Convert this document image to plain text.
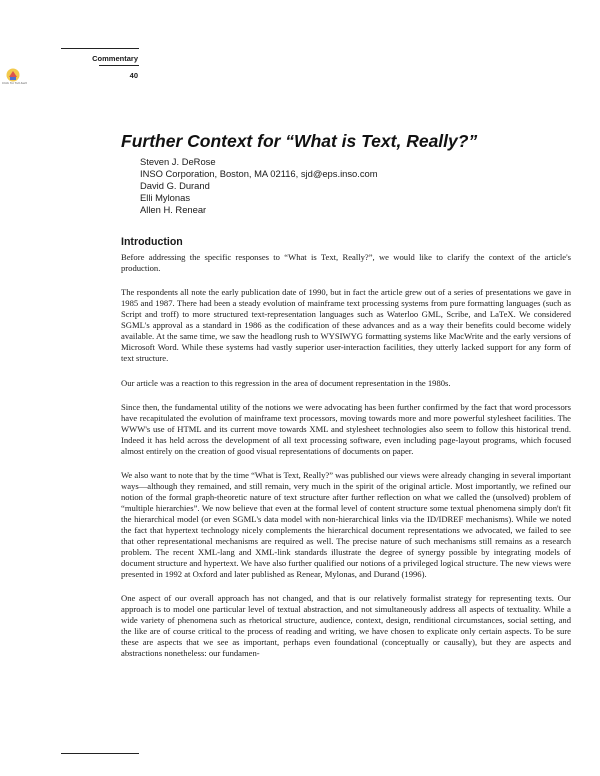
Click for full-text
Commentary
40
Further Context for “What is Text, Really?”
Steven J. DeRose
INSO Corporation, Boston, MA 02116, sjd@eps.inso.com
David G. Durand
Elli Mylonas
Allen H. Renear
Introduction

Before addressing the specific responses to “What is Text, Really?”, we would like to clarify the context of the article's production.

The respondents all note the early publication date of 1990, but in fact the article grew out of a series of presentations we gave in 1985 and 1987. There had been a steady evolution of mainframe text processing systems from pure formatting languages (such as Script and troff) to more structured text-representation languages such as Waterloo GML, Scribe, and LaTeX. We considered SGML's approval as a standard in 1986 as the codification of these advances and as a way their benefits could become widely available. At the same time, we saw the headlong rush to WYSIWYG formatting systems like MacWrite and the early versions of Microsoft Word. While these systems had vastly superior user-interaction facilities, they utterly lacked support for any form of text structure.

Our article was a reaction to this regression in the area of document representation in the 1980s.

Since then, the fundamental utility of the notions we were advocating has been further confirmed by the fact that word processors have recapitulated the evolution of mainframe text processors, moving towards more and more powerful stylesheet facilities. The WWW's use of HTML and its current move towards XML and stylesheet technologies also seem to follow this historical trend. Indeed it has held across the development of all text processing software, even including page-layout programs, which focused almost entirely on the creation of good visual representations of documents on paper.

We also want to note that by the time “What is Text, Really?” was published our views were already changing in several important ways—although they remained, and still remain, very much in the spirit of the original article. Most importantly, we refined our notion of the formal graph-theoretic nature of text structure after further reflection on what we called the (unsolved) problem of “multiple hierarchies”. We now believe that even at the formal level of content structure some textual phenomena simply don't fit the hierarchical model (or even SGML's data model with non-hierarchical links via the ID/IDREF mechanisms). While we noted the fact that hypertext technology nicely complements the hierarchical document representations we advocated, we failed to see that other representational mechanisms are required as well. The precise nature of such mechanisms still remains as a research problem. The recent XML-lang and XML-link standards illustrate the degree of synergy possible by integrating models of document structure and hypertext. We have also further qualified our notions of a privileged logical structure. The new views were presented in 1992 at Oxford and later published as Renear, Mylonas, and Durand (1996).

One aspect of our overall approach has not changed, and that is our relatively formalist strategy for representing texts. Our approach is to model one particular level of textual abstraction, and not simultaneously address all aspects of textuality. While a wide variety of phenomena such as rhetorical structure, audience, context, design, renditional circumstances, social setting, and the like are of course critical to the process of reading and writing, we have chosen to explicate only certain aspects. To be sure these are aspects that we see as important, perhaps even foundational (conceptually or causally), but they are aspects and abstractions nonetheless: our fundamen-
